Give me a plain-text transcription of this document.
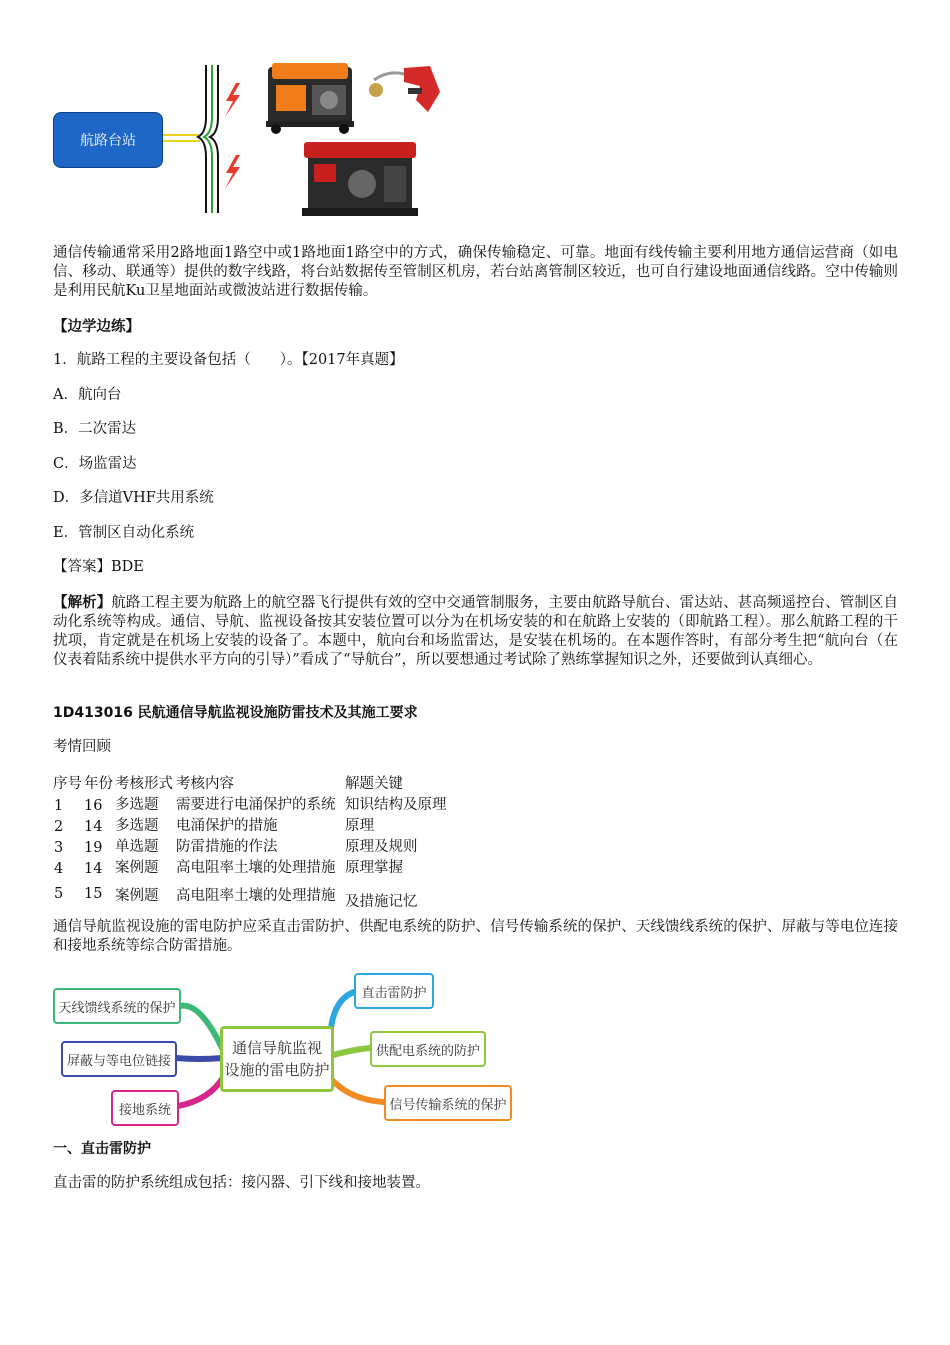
航路台站
通信传输通常采用2路地面1路空中或1路地面1路空中的方式，确保传输稳定、可靠。地面有线传输主要利用地方通信运营商（如电信、移动、联通等）提供的数字线路，将台站数据传至管制区机房，若台站离管制区较近，也可自行建设地面通信线路。空中传输则是利用民航Ku卫星地面站或微波站进行数据传输。
【边学边练】
1．航路工程的主要设备包括（　　）。【2017年真题】
A．航向台
B．二次雷达
C．场监雷达
D．多信道VHF共用系统
E．管制区自动化系统
【答案】BDE
【解析】航路工程主要为航路上的航空器飞行提供有效的空中交通管制服务，主要由航路导航台、雷达站、甚高频遥控台、管制区自动化系统等构成。通信、导航、监视设备按其安装位置可以分为在机场安装的和在航路上安装的（即航路工程）。那么航路工程的干扰项，肯定就是在机场上安装的设备了。本题中，航向台和场监雷达，是安装在机场的。在本题作答时，有部分考生把“航向台（在仪表着陆系统中提供水平方向的引导）”看成了“导航台”，所以要想通过考试除了熟练掌握知识之外，还要做到认真细心。
1D413016 民航通信导航监视设施防雷技术及其施工要求
考情回顾
序号	年份	考核形式	考核内容	解题关键
1	16	多选题	需要进行电涌保护的系统	知识结构及原理
2	14	多选题	电涌保护的措施	原理
3	19	单选题	防雷措施的作法	原理及规则
4	14	案例题	高电阻率土壤的处理措施	原理掌握
5	15	案例题	高电阻率土壤的处理措施	及措施记忆
通信导航监视设施的雷电防护应采直击雷防护、供配电系统的防护、信号传输系统的保护、天线馈线系统的保护、屏蔽与等电位连接和接地系统等综合防雷措施。
通信导航监视
设施的雷电防护
天线馈线系统的保护
屏蔽与等电位链接
接地系统
直击雷防护
供配电系统的防护
信号传输系统的保护
一、直击雷防护
直击雷的防护系统组成包括：接闪器、引下线和接地装置。
